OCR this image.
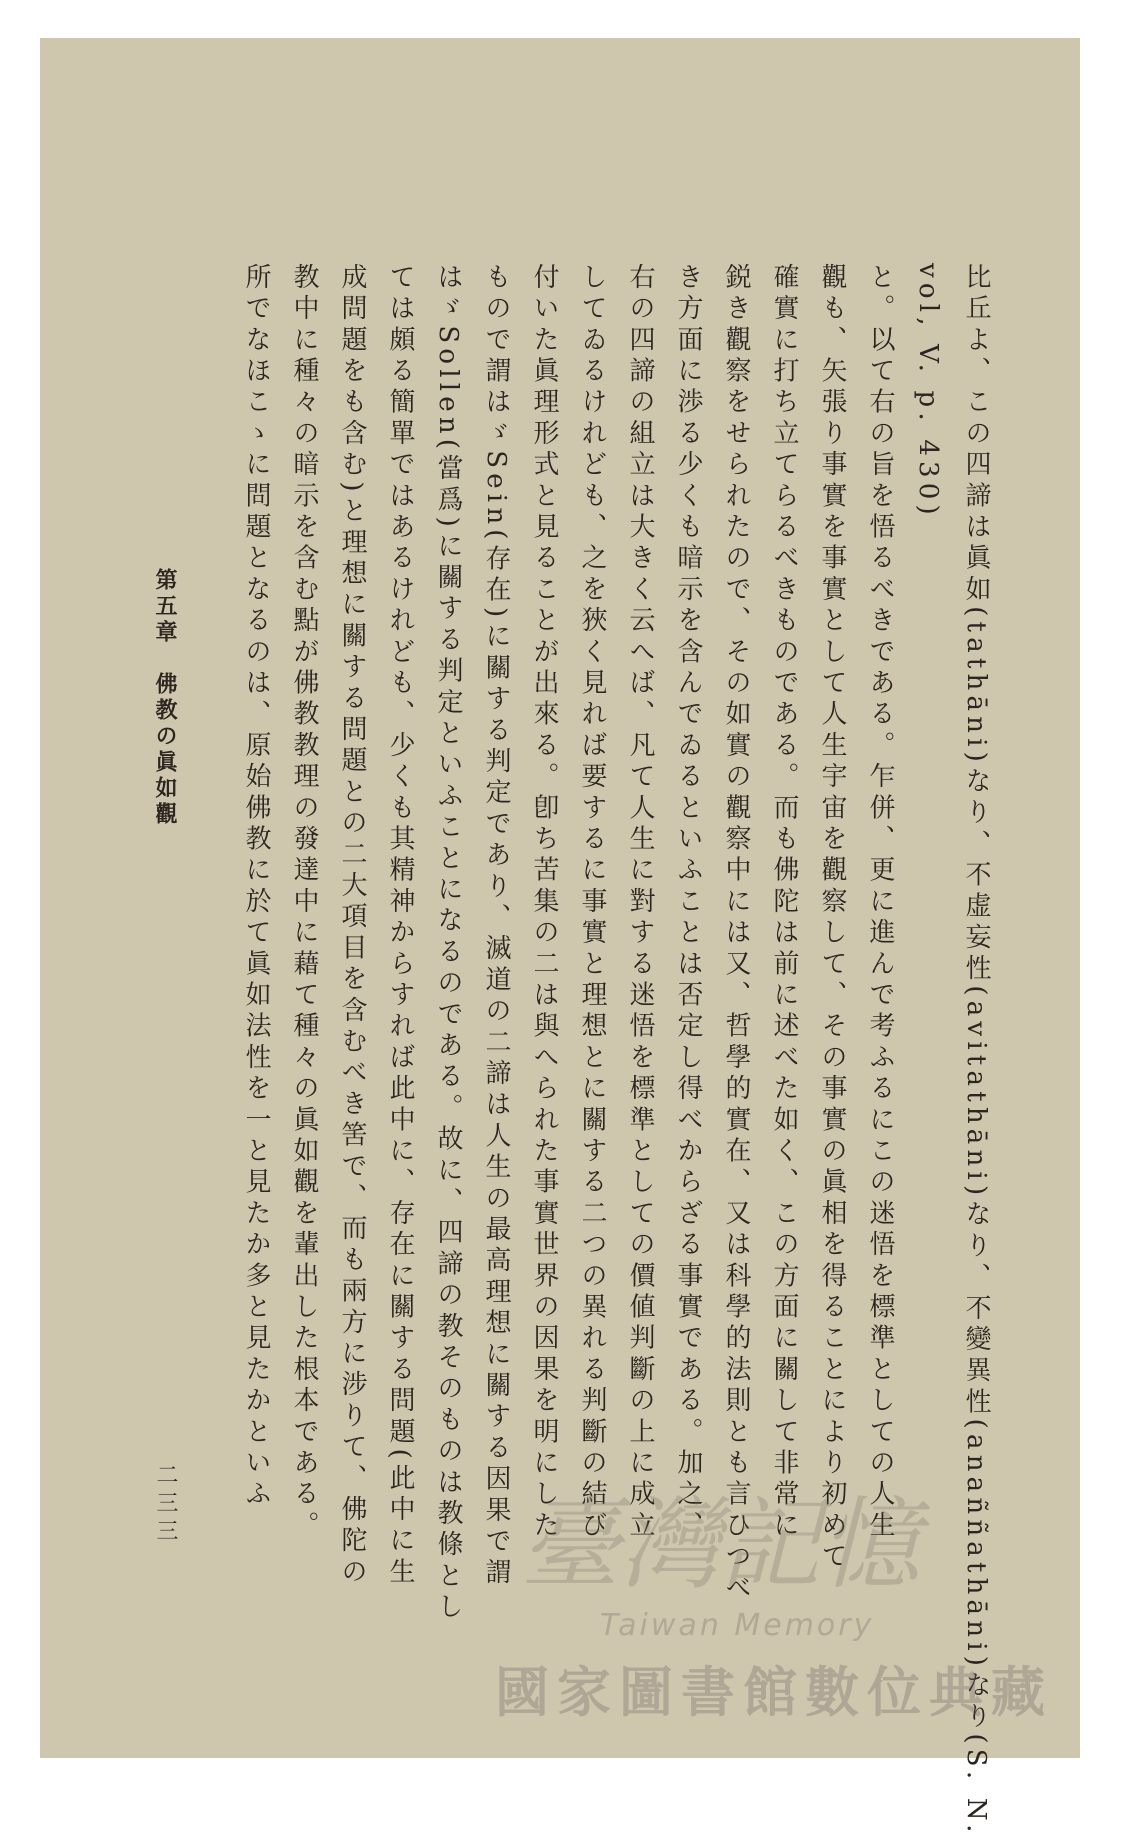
比丘よ、この四諦は眞如(tathāni)なり、不虚妄性(avitathāni)なり、不變異性(anaññathāni)なり(S. N.
vol, V. p. 430)
と。以て右の旨を悟るべきである。乍併、更に進んで考ふるにこの迷悟を標準としての人生
觀も、矢張り事實を事實として人生宇宙を觀察して、その事實の眞相を得ることにより初めて
確實に打ち立てらるべきものである。而も佛陀は前に述べた如く、この方面に關して非常に
鋭き觀察をせられたので、その如實の觀察中には又、哲學的實在、又は科學的法則とも言ひつべ
き方面に渉る少くも暗示を含んでゐるといふことは否定し得べからざる事實である。加之、
右の四諦の組立は大きく云へば、凡て人生に對する迷悟を標準としての價値判斷の上に成立
してゐるけれども、之を狹く見れば要するに事實と理想とに關する二つの異れる判斷の結び
付いた眞理形式と見ることが出來る。卽ち苦集の二は與へられた事實世界の因果を明にした
もので謂はゞSein(存在)に關する判定であり、滅道の二諦は人生の最高理想に關する因果で謂
はゞSollen(當爲)に關する判定といふことになるのである。故に、四諦の教そのものは教條とし
ては頗る簡單ではあるけれども、少くも其精神からすれば此中に、存在に關する問題(此中に生
成問題をも含む)と理想に關する問題との二大項目を含むべき筈で、而も兩方に涉りて、佛陀の
教中に種々の暗示を含む點が佛教教理の發達中に藉て種々の眞如觀を輩出した根本である。
所でなほこゝに問題となるのは、原始佛教に於て眞如法性を一と見たか多と見たかといふ
第五章　佛教の眞如觀
二三三	臺灣記憶
Taiwan Memory
國家圖書館數位典藏
